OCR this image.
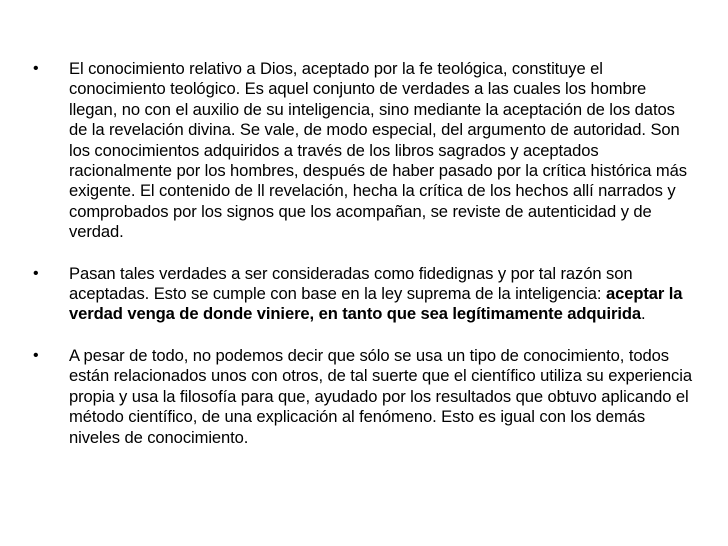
•	El conocimiento relativo a Dios, aceptado por la fe teológica, constituye el conocimiento teológico. Es aquel conjunto de verdades a las cuales los hombre llegan, no con el auxilio de su inteligencia, sino mediante la aceptación de los datos de la revelación divina. Se vale, de modo especial, del argumento de autoridad. Son los conocimientos adquiridos a través de los libros sagrados y aceptados racionalmente por los hombres, después de haber pasado por la crítica histórica más exigente. El contenido de ll revelación, hecha la crítica de los hechos allí narrados y comprobados por los signos que los acompañan, se reviste de autenticidad y de verdad.
•	Pasan tales verdades a ser consideradas como fidedignas y por tal razón son aceptadas. Esto se cumple con base en la ley suprema de la inteligencia: aceptar la verdad venga de donde viniere, en tanto que sea legítimamente adquirida.
•	A pesar de todo, no podemos decir que sólo se usa un tipo de conocimiento, todos están relacionados unos con otros, de tal suerte que el científico utiliza su experiencia propia y usa la filosofía para que, ayudado por los resultados que obtuvo aplicando el método científico, de una explicación al fenómeno. Esto es igual con los demás niveles de conocimiento.
